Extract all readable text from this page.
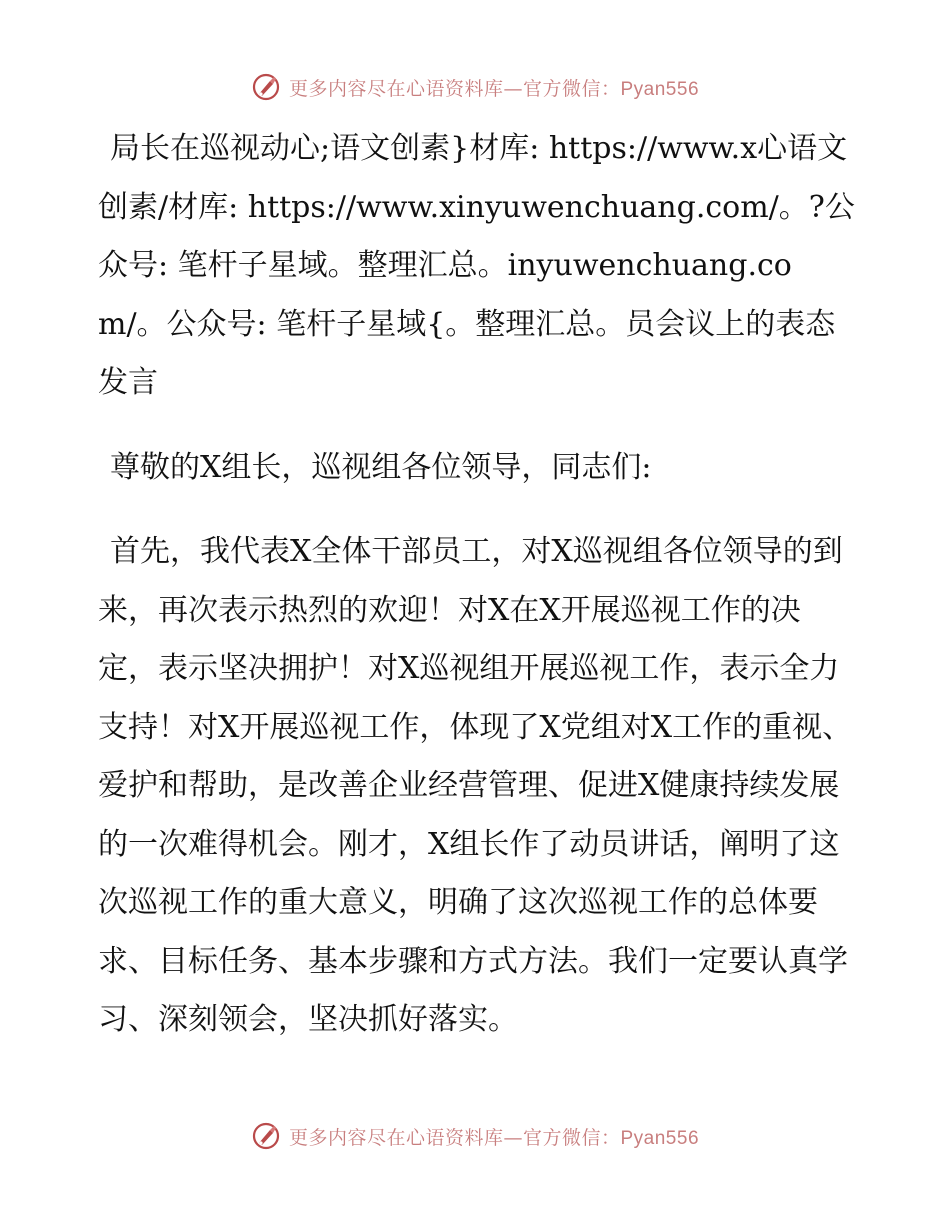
更多内容尽在心语资料库—官方微信：Pyan556

局长在巡视动心;语文创素}材库: https://www.x心语文创素/材库: https://www.xinyuwenchuang.com/。?公众号: 笔杆子星域。整理汇总。inyuwenchuang.com/。公众号: 笔杆子星域{。整理汇总。员会议上的表态发言

尊敬的X组长，巡视组各位领导，同志们:

首先，我代表X全体干部员工，对X巡视组各位领导的到来，再次表示热烈的欢迎！对X在X开展巡视工作的决定，表示坚决拥护！对X巡视组开展巡视工作，表示全力支持！对X开展巡视工作，体现了X党组对X工作的重视、爱护和帮助，是改善企业经营管理、促进X健康持续发展的一次难得机会。刚才，X组长作了动员讲话，阐明了这次巡视工作的重大意义，明确了这次巡视工作的总体要求、目标任务、基本步骤和方式方法。我们一定要认真学习、深刻领会，坚决抓好落实。

更多内容尽在心语资料库—官方微信：Pyan556
